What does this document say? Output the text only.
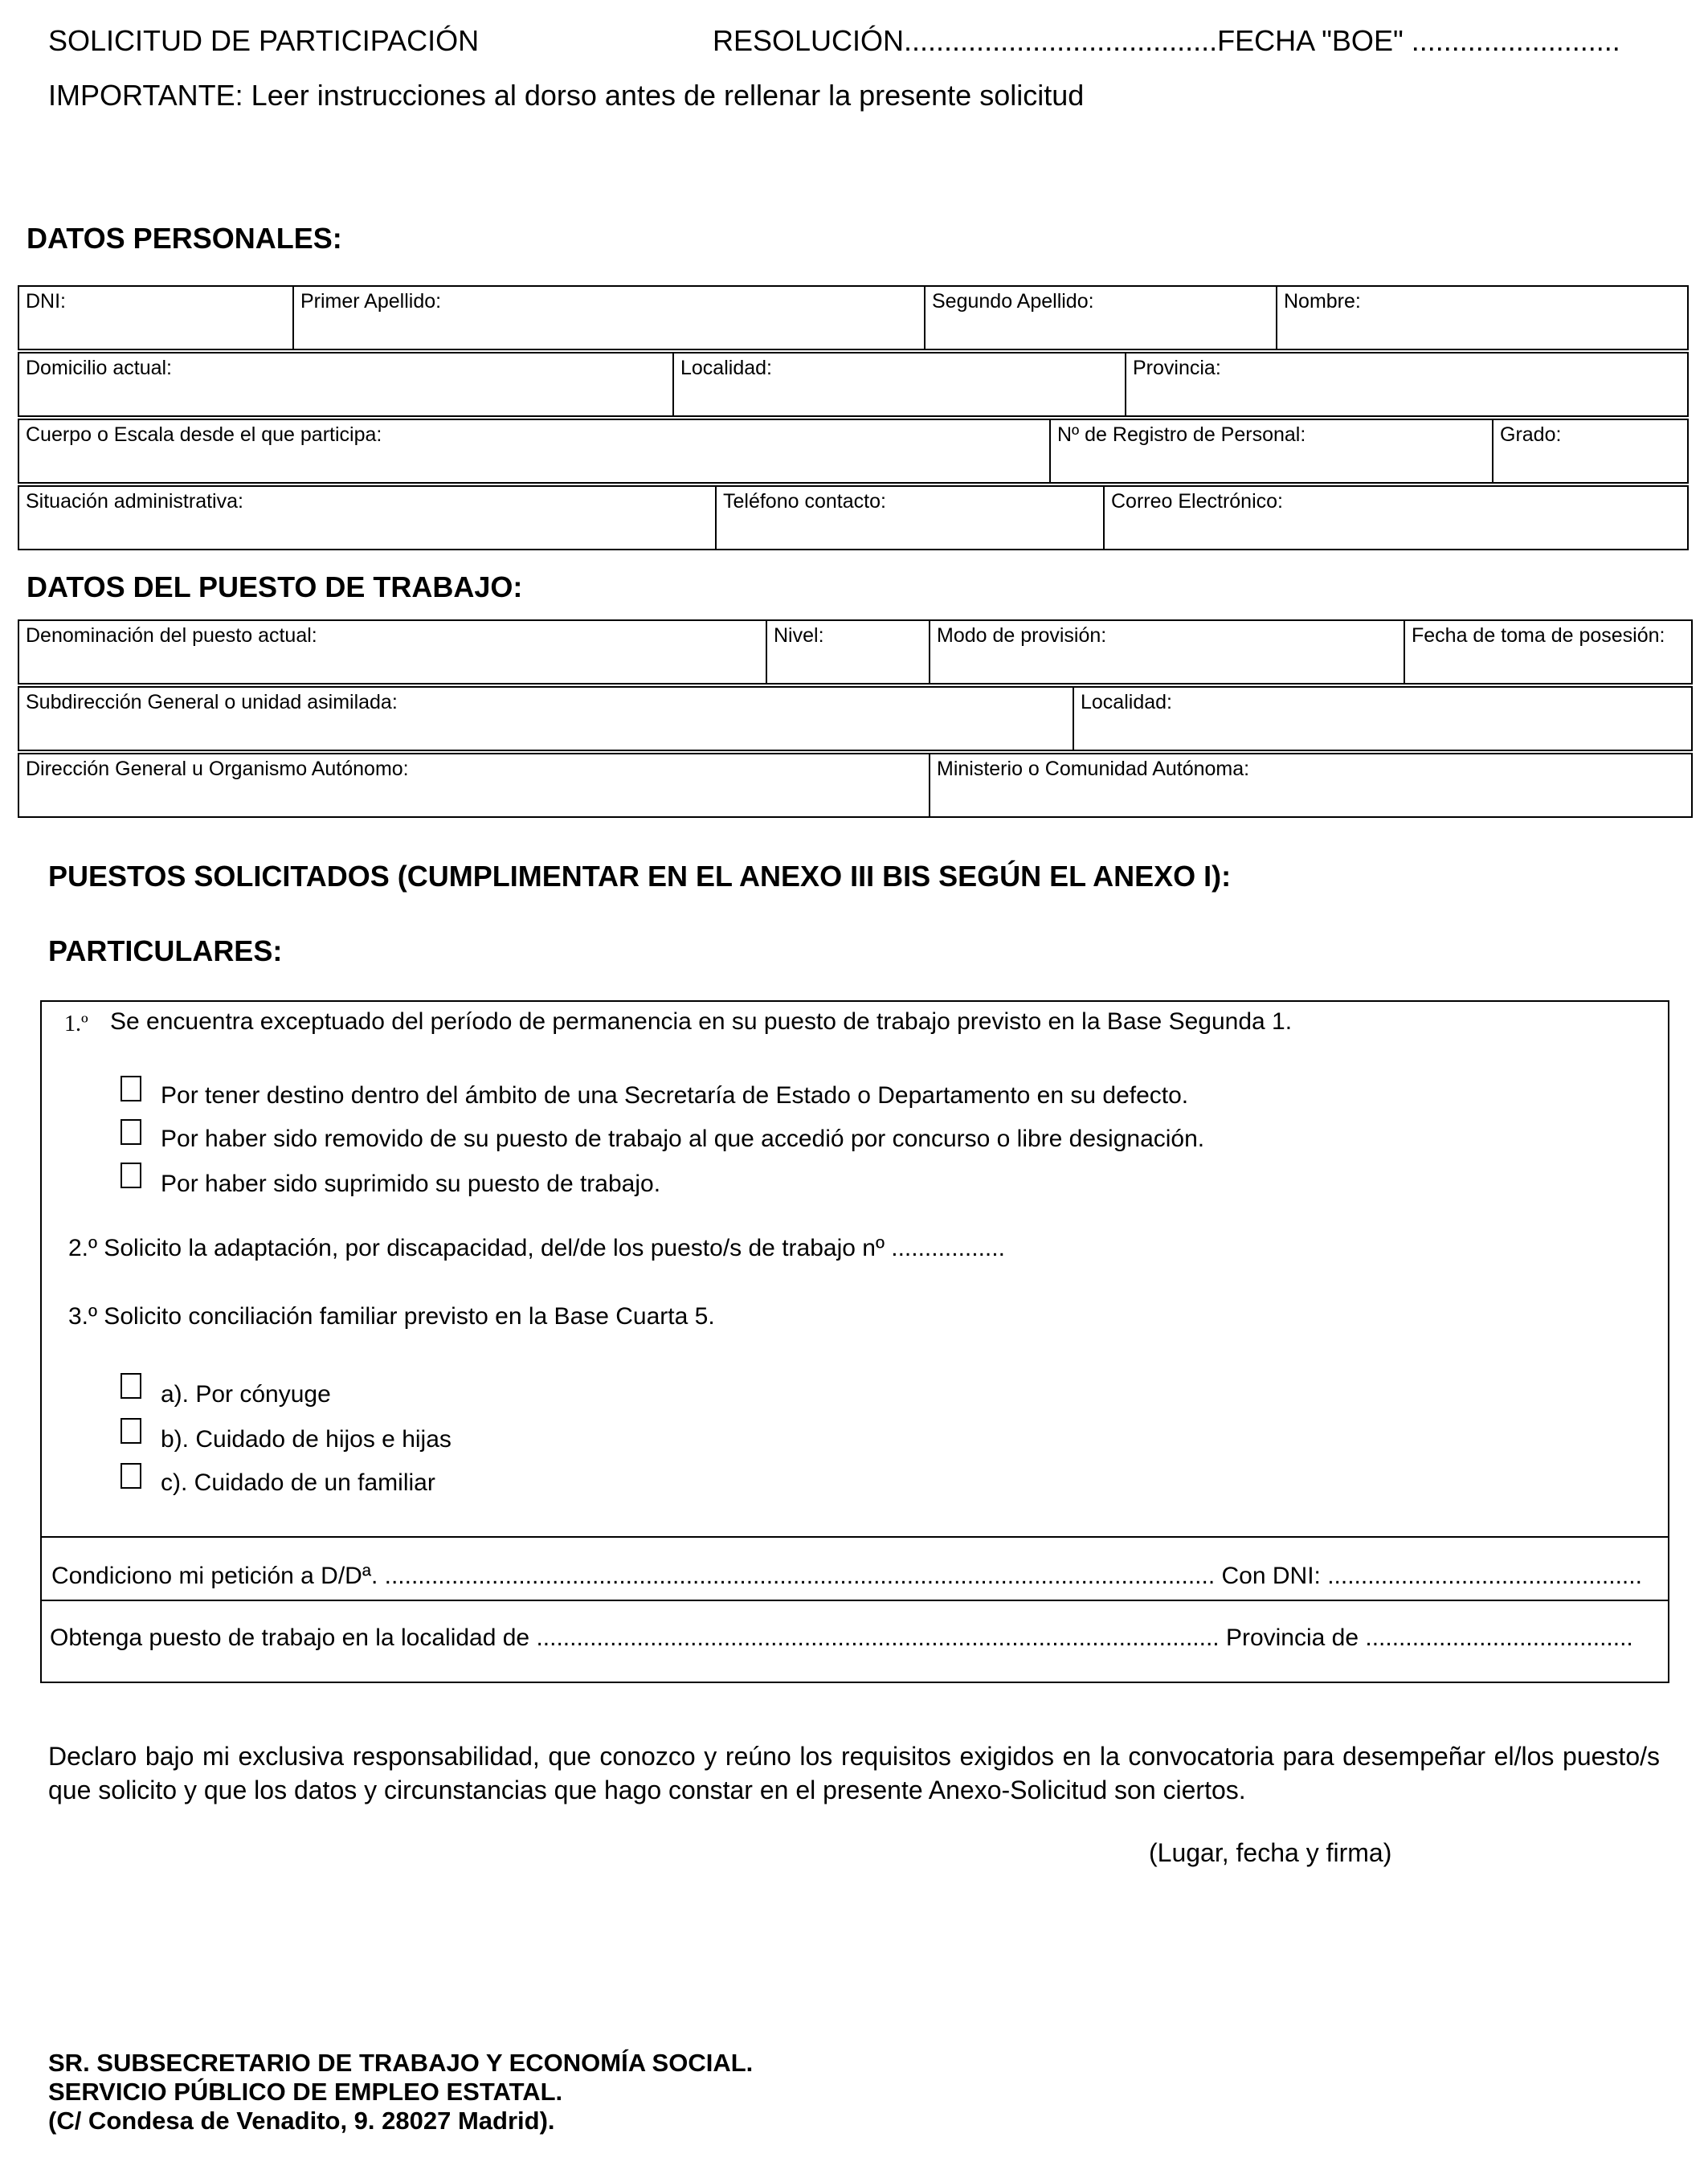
SOLICITUD DE PARTICIPACIÓN	RESOLUCIÓN.......................................FECHA "BOE" ..........................
IMPORTANTE: Leer instrucciones al dorso antes de rellenar la presente solicitud
DATOS PERSONALES:
DNI:	Primer Apellido:	Segundo Apellido:	Nombre:
Domicilio actual:	Localidad:	Provincia:
Cuerpo o Escala desde el que participa:	Nº de Registro de Personal:	Grado:
Situación administrativa:	Teléfono contacto:	Correo Electrónico:
DATOS DEL PUESTO DE TRABAJO:
Denominación del puesto actual:	Nivel:	Modo de provisión:	Fecha de toma de posesión:
Subdirección General o unidad asimilada:	Localidad:
Dirección General u Organismo Autónomo:	Ministerio o Comunidad Autónoma:
PUESTOS SOLICITADOS (CUMPLIMENTAR EN EL ANEXO III BIS SEGÚN EL ANEXO I):
PARTICULARES:
1.º Se encuentra exceptuado del período de permanencia en su puesto de trabajo previsto en la Base Segunda 1.
Por tener destino dentro del ámbito de una Secretaría de Estado o Departamento en su defecto.
Por haber sido removido de su puesto de trabajo al que accedió por concurso o libre designación.
Por haber sido suprimido su puesto de trabajo.
2.º Solicito la adaptación, por discapacidad, del/de los puesto/s de trabajo nº .................
3.º Solicito conciliación familiar previsto en la Base Cuarta 5.
a). Por cónyuge
b). Cuidado de hijos e hijas
c). Cuidado de un familiar
Condiciono mi petición a D/Dª. ............................................................................................................................ Con DNI: ...............................................
Obtenga puesto de trabajo en la localidad de ...................................................................................................... Provincia de ........................................
Declaro bajo mi exclusiva responsabilidad, que conozco y reúno los requisitos exigidos en la convocatoria para desempeñar el/los puesto/s que solicito y que los datos y circunstancias que hago constar en el presente Anexo-Solicitud son ciertos.
(Lugar, fecha y firma)
SR. SUBSECRETARIO DE TRABAJO Y ECONOMÍA SOCIAL.
SERVICIO PÚBLICO DE EMPLEO ESTATAL.
(C/ Condesa de Venadito, 9. 28027 Madrid).
